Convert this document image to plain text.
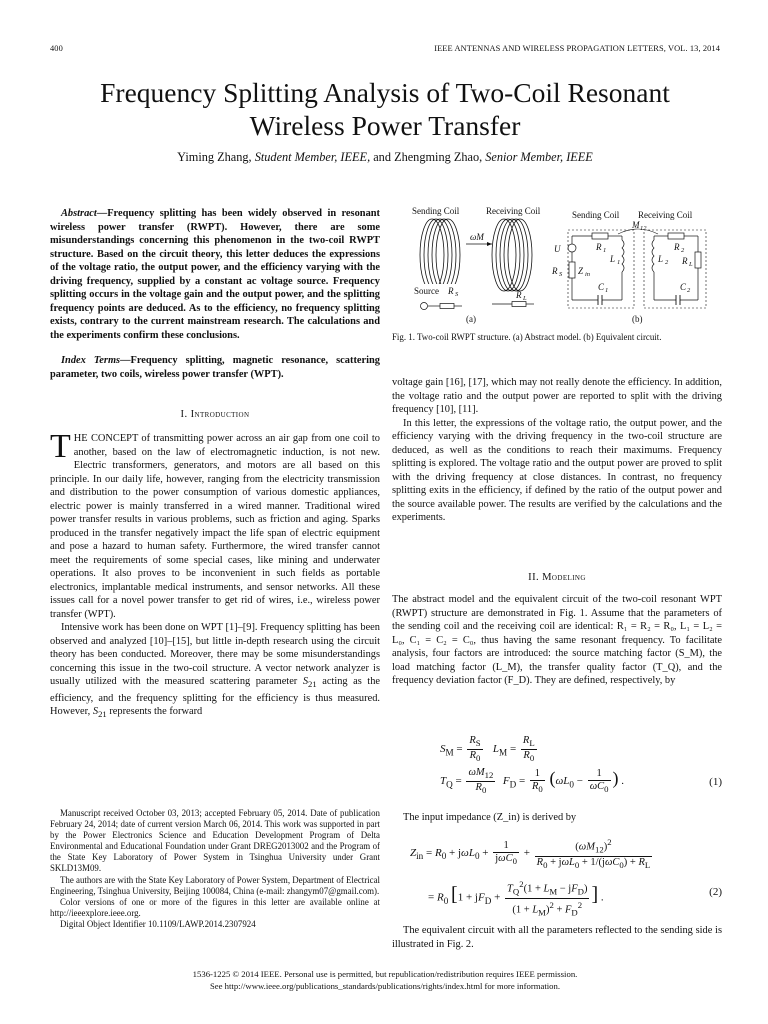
400	IEEE ANTENNAS AND WIRELESS PROPAGATION LETTERS, VOL. 13, 2014
Frequency Splitting Analysis of Two-Coil Resonant
Wireless Power Transfer
Yiming Zhang, Student Member, IEEE, and Zhengming Zhao, Senior Member, IEEE

Abstract—Frequency splitting has been widely observed in resonant wireless power transfer (RWPT). However, there are some misunderstandings concerning this phenomenon in the two-coil RWPT structure. Based on the circuit theory, this letter deduces the expressions of the voltage ratio, the output power, and the efficiency varying with the driving frequency, supplied by a constant ac voltage source. Frequency splitting occurs in the voltage gain and the output power, and the splitting frequency points are deduced. As to the efficiency, no frequency splitting exists, contrary to the current mainstream research. The calculations and the experiments confirm these conclusions.

Index Terms—Frequency splitting, magnetic resonance, scattering parameter, two coils, wireless power transfer (WPT).

I. Introduction

THE CONCEPT of transmitting power across an air gap from one coil to another, based on the law of electromagnetic induction, is not new. Electric transformers, generators, and motors are all based on this principle. In our daily life, however, ranging from the electricity transmission and distribution to the power consumption of various domestic appliances, electric power is mainly transferred in a wired manner. Traditional wired power transfer results in various problems, such as friction and aging. Sparks produced in the transfer negatively impact the life span of electric equipment and pose a hazard to human safety. Furthermore, the wired transfer cannot meet the requirements of some special cases, like mining and underwater operations. It also proves to be inconvenient in such fields as portable electronics, implantable medical instruments, and sensor networks. All these issues call for a novel power transfer to get rid of wires, i.e., wireless power transfer (WPT).

Intensive work has been done on WPT [1]–[9]. Frequency splitting has been observed and analyzed [10]–[15], but little in-depth research using the circuit theory has been conducted. Moreover, there may be some misunderstandings concerning this issue in the two-coil structure. A vector network analyzer is usually utilized with the measured scattering parameter $S_{21}$ acting as the efficiency, and the frequency splitting for the efficiency is thus measured. However, $S_{21}$ represents the forward

Manuscript received October 03, 2013; accepted February 05, 2014. Date of publication February 24, 2014; date of current version March 06, 2014. This work was supported in part by the Power Electronics Science and Education Development Program of Delta Environmental and Educational Foundation under Grant DREG2013002 and the Program of the State Key Laboratory of Power System in Tsinghua University under Grant SKLD13M09.

The authors are with the State Key Laboratory of Power System, Department of Electrical Engineering, Tsinghua University, Beijing 100084, China (e-mail: zhangym07@gmail.com).

Color versions of one or more of the figures in this letter are available online at http://ieeexplore.ieee.org.

Digital Object Identifier 10.1109/LAWP.2014.2307924

Sending Coil	Receiving Coil
ωM
Source R S	R L
(a)
Sending Coil Receiving Coil
M 12
U
R S Z in
R 1
L 1
C 1
L 2
R 2
R L
C 2
(b)
Fig. 1. Two-coil RWPT structure. (a) Abstract model. (b) Equivalent circuit.

voltage gain [16], [17], which may not really denote the efficiency. In addition, the voltage ratio and the output power are reported to split with the driving frequency [10], [11].

In this letter, the expressions of the voltage ratio, the output power, and the efficiency varying with the driving frequency in the two-coil structure are deduced, as well as the conditions to reach their maximums. Frequency splitting is explored. The voltage ratio and the output power are proved to split with the driving frequency at close distances. In contrast, no frequency splitting exits in the efficiency, if defined by the ratio of the output power and the source available power. The results are verified by the calculations and the experiments.

II. Modeling
The abstract model and the equivalent circuit of the two-coil resonant WPT (RWPT) structure are demonstrated in Fig. 1. Assume that the parameters of the sending coil and the receiving coil are identical: R₁ = R₂ = R₀, L₁ = L₂ = L₀, C₁ = C₂ = C₀, thus having the same resonant frequency. To facilitate analysis, four factors are introduced: the source matching factor (S_M), the load matching factor (L_M), the transfer quality factor (T_Q), and the frequency deviation factor (F_D). They are defined, respectively, by
$S_M = \frac{R_S}{R_0} L_M = \frac{R_L}{R_0}$
$T_Q = \frac{\omega M_{12}}{R_0} F_D = \frac{1}{R_0} (\omega L_0 - \frac{1}{\omega C_0}$ ) .	(1)
The input impedance (Z_in) is derived by
$Z_{in} = R_0 + j\omega L_0 + \frac{1}{j\omega C_0} + \frac{(\omega M_{12})^2}{R_0 + j\omega L_0 + 1/(j\omega C_0) + R_L}$
= $R_0$ [$1 + jF_D + \frac{T_Q^2(1 + L_M - jF_D)}{(1 + L_M)^2 + F_D^2}$ ] .	(2)
The equivalent circuit with all the parameters reflected to the sending side is illustrated in Fig. 2.
1536-1225 © 2014 IEEE. Personal use is permitted, but republication/redistribution requires IEEE permission.
See http://www.ieee.org/publications_standards/publications/rights/index.html for more information.
